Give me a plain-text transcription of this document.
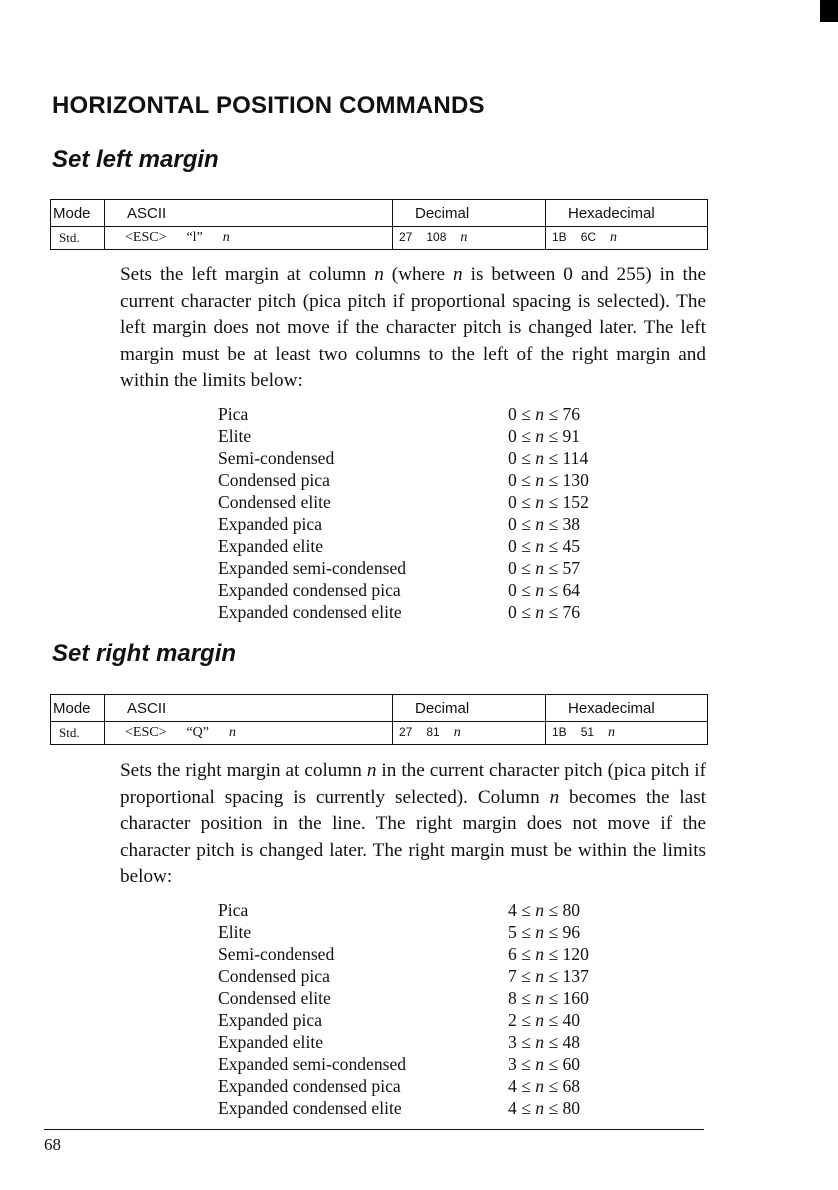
HORIZONTAL POSITION COMMANDS
Set left margin
Mode	ASCII	Decimal	Hexadecimal
Std.	<ESC> “l” n	27 108 n	1B 6C n

Sets the left margin at column n (where n is between 0 and 255) in the current character pitch (pica pitch if proportional spacing is selected). The left margin does not move if the character pitch is changed later. The left margin must be at least two columns to the left of the right margin and within the limits below:

Pica	0 ≤ n ≤ 76
Elite	0 ≤ n ≤ 91
Semi-condensed	0 ≤ n ≤ 114
Condensed pica	0 ≤ n ≤ 130
Condensed elite	0 ≤ n ≤ 152
Expanded pica	0 ≤ n ≤ 38
Expanded elite	0 ≤ n ≤ 45
Expanded semi-condensed	0 ≤ n ≤ 57
Expanded condensed pica	0 ≤ n ≤ 64
Expanded condensed elite	0 ≤ n ≤ 76
Set right margin
Mode	ASCII	Decimal	Hexadecimal
Std.	<ESC> “Q” n	27 81 n	1B 51 n

Sets the right margin at column n in the current character pitch (pica pitch if proportional spacing is currently selected). Column n becomes the last character position in the line. The right margin does not move if the character pitch is changed later. The right margin must be within the limits below:

Pica	4 ≤ n ≤ 80
Elite	5 ≤ n ≤ 96
Semi-condensed	6 ≤ n ≤ 120
Condensed pica	7 ≤ n ≤ 137
Condensed elite	8 ≤ n ≤ 160
Expanded pica	2 ≤ n ≤ 40
Expanded elite	3 ≤ n ≤ 48
Expanded semi-condensed	3 ≤ n ≤ 60
Expanded condensed pica	4 ≤ n ≤ 68
Expanded condensed elite	4 ≤ n ≤ 80

68
